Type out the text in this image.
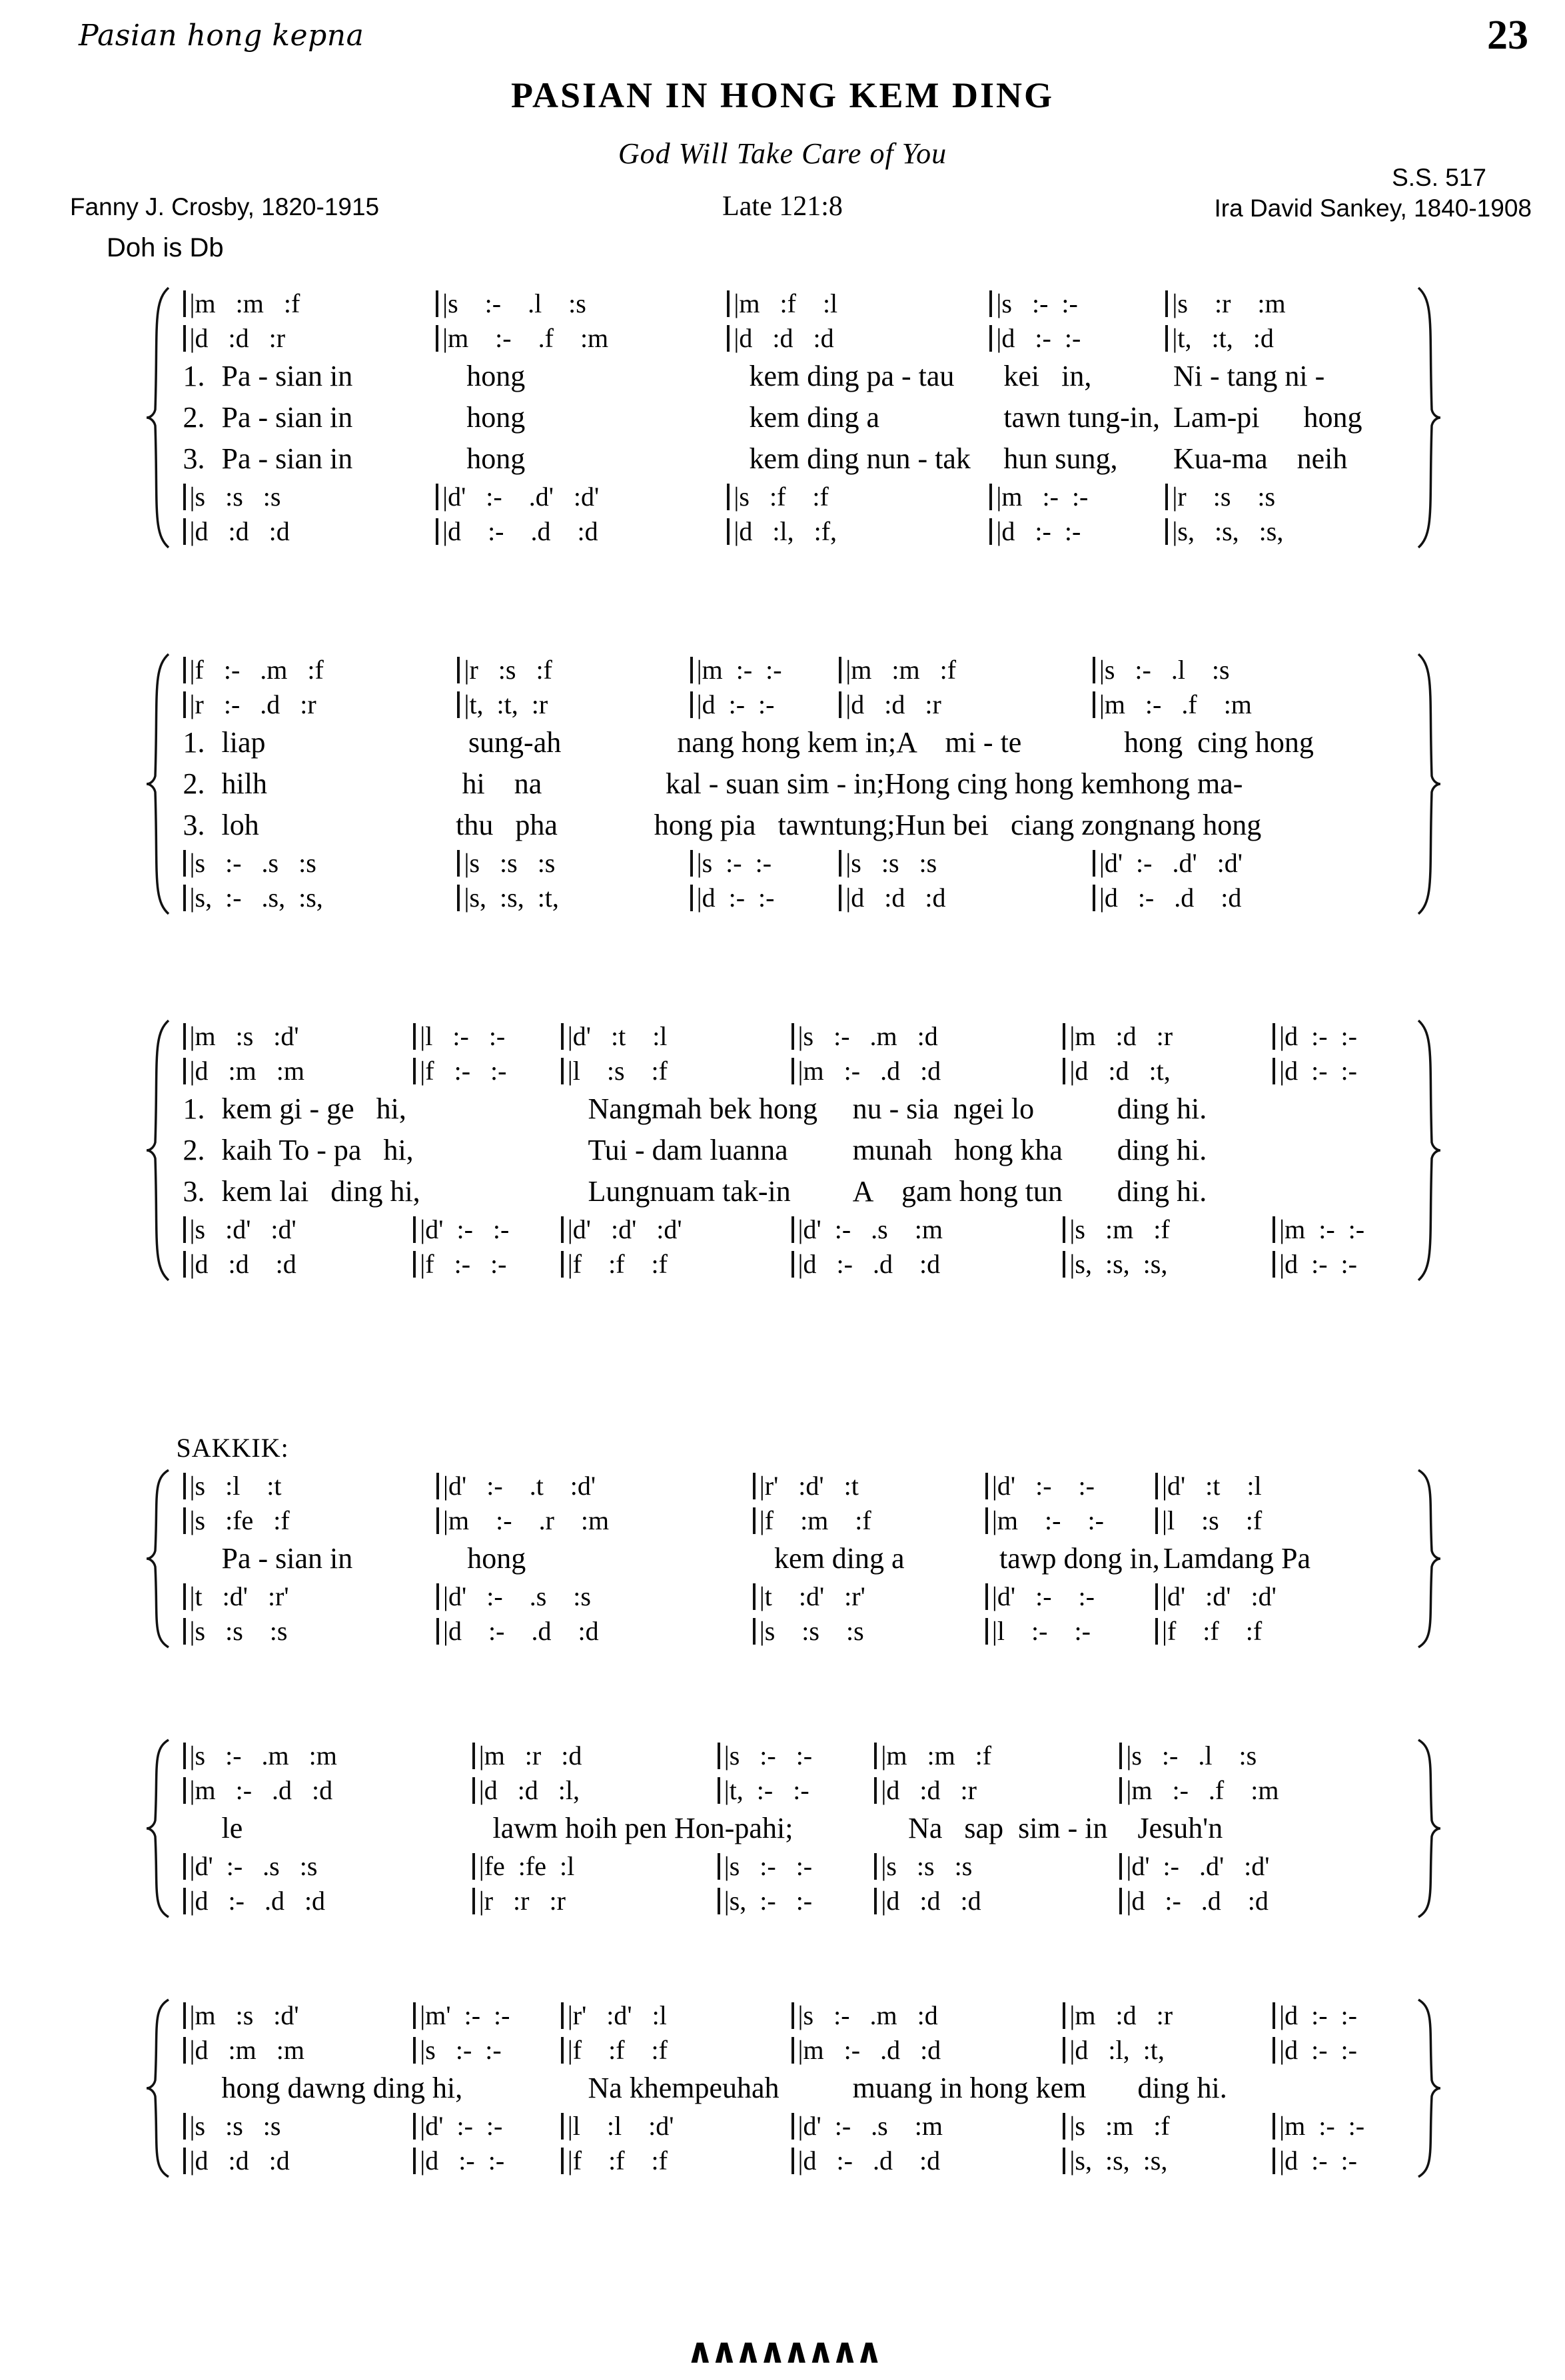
Pasian hong kepna	23
PASIAN IN HONG KEM DING
God Will Take Care of You
S.S. 517
Fanny J. Crosby, 1820-1915	Late 121:8	Ira David Sankey, 1840-1908
Doh is Db
|m   :m   :f	|s    :-    .l    :s	|m   :f    :l	|s   :-  :-	|s    :r    :m
|d   :d   :r	|m    :-    .f    :m	|d   :d   :d	|d   :-  :-	|t,   :t,   :d
1. Pa - sian in	hong	kem ding pa - tau	kei   in,	Ni - tang ni -
2. Pa - sian in	hong	kem ding a	tawn tung-in, Lam-pi      hong
3. Pa - sian in	hong	kem ding nun - tak	hun sung,	Kua-ma    neih
|s   :s   :s	|d'   :-    .d'   :d'	|s   :f    :f	|m   :-  :-	|r    :s    :s
|d   :d   :d	|d    :-    .d    :d	|d   :l,   :f,	|d   :-  :-	|s,   :s,   :s,
|f   :-   .m   :f	|r   :s   :f	|m  :-  :- |m   :m   :f	|s   :-   .l    :s
|r   :-   .d   :r	|t,  :t,  :r	|d  :-  :-	|d   :d   :r	|m   :-   .f    :m
1. liap	sung-ah	nang hong kem in; A    mi - te	hong  cing hong
2. hilh	hi    na	kal - suan sim - in; Hong cing hong kem hong ma-
3. loh	thu   pha	hong pia   tawntung; Hun bei   ciang zong nang hong
|s   :-   .s   :s	|s   :s   :s	|s  :-  :-	|s   :s   :s	|d'  :-   .d'   :d'
|s,  :-   .s,  :s,	|s,  :s,  :t,	|d  :-  :-	|d   :d   :d	|d   :-   .d    :d
|m   :s   :d'	|l   :-   :- |d'   :t    :l	|s   :-   .m   :d	|m   :d   :r	|d  :-  :-
|d   :m   :m	|f   :-   :- |l    :s    :f	|m   :-   .d   :d	|d   :d   :t,	|d  :-  :-
1. kem gi - ge   hi,	Nangmah bek hong	nu - sia  ngei lo	ding hi.
2. kaih To - pa   hi,	Tui - dam luanna	munah   hong kha	ding hi.
3. kem lai   ding hi,	Lungnuam tak-in	A    gam hong tun	ding hi.
|s   :d'   :d'	|d'  :-   :- |d'   :d'   :d'	|d'  :-   .s    :m	|s   :m   :f	|m  :-  :-
|d   :d    :d	|f   :-   :- |f    :f    :f	|d   :-   .d    :d	|s,  :s,  :s,	|d  :-  :-
SAKKIK:
|s   :l    :t	|d'   :-    .t    :d'	|r'   :d'   :t	|d'   :-    :-	|d'   :t    :l
|s   :fe   :f	|m    :-    .r    :m	|f    :m    :f	|m    :-    :- |l    :s    :f
Pa - sian in	hong	kem ding a	tawp dong in, Lamdang Pa
|t   :d'   :r'	|d'   :-    .s    :s	|t    :d'   :r'	|d'   :-    :-	|d'   :d'   :d'
|s   :s    :s	|d    :-    .d    :d	|s    :s    :s	|l    :-    :-	|f    :f    :f
|s   :-   .m   :m	|m   :r   :d	|s   :-   :-	|m   :m   :f	|s   :-   .l    :s
|m   :-   .d   :d	|d   :d   :l,	|t,  :-   :-	|d   :d   :r	|m   :-   .f    :m
le	lawm hoih pen Hon-pa hi;	Na   sap  sim - in	Jesuh'n
|d'  :-   .s   :s	|fe  :fe  :l	|s   :-   :-	|s   :s   :s	|d'  :-   .d'   :d'
|d   :-   .d   :d	|r   :r   :r	|s,  :-   :-	|d   :d   :d	|d   :-   .d    :d
|m   :s   :d'	|m'  :-  :- |r'   :d'   :l	|s   :-   .m   :d	|m   :d   :r	|d  :-  :-
|d   :m   :m	|s   :-  :- |f    :f    :f	|m   :-   .d   :d	|d   :l,  :t,	|d  :-  :-
hong dawng ding hi,	Na khempeuhah	muang in hong kem	ding hi.
|s   :s   :s	|d'  :-  :- |l    :l    :d'	|d'  :-   .s    :m	|s   :m   :f	|m  :-  :-
|d   :d   :d	|d   :-  :- |f    :f    :f	|d   :-   .d    :d	|s,  :s,  :s,	|d  :-  :-
∧∧∧∧∧∧∧∧
